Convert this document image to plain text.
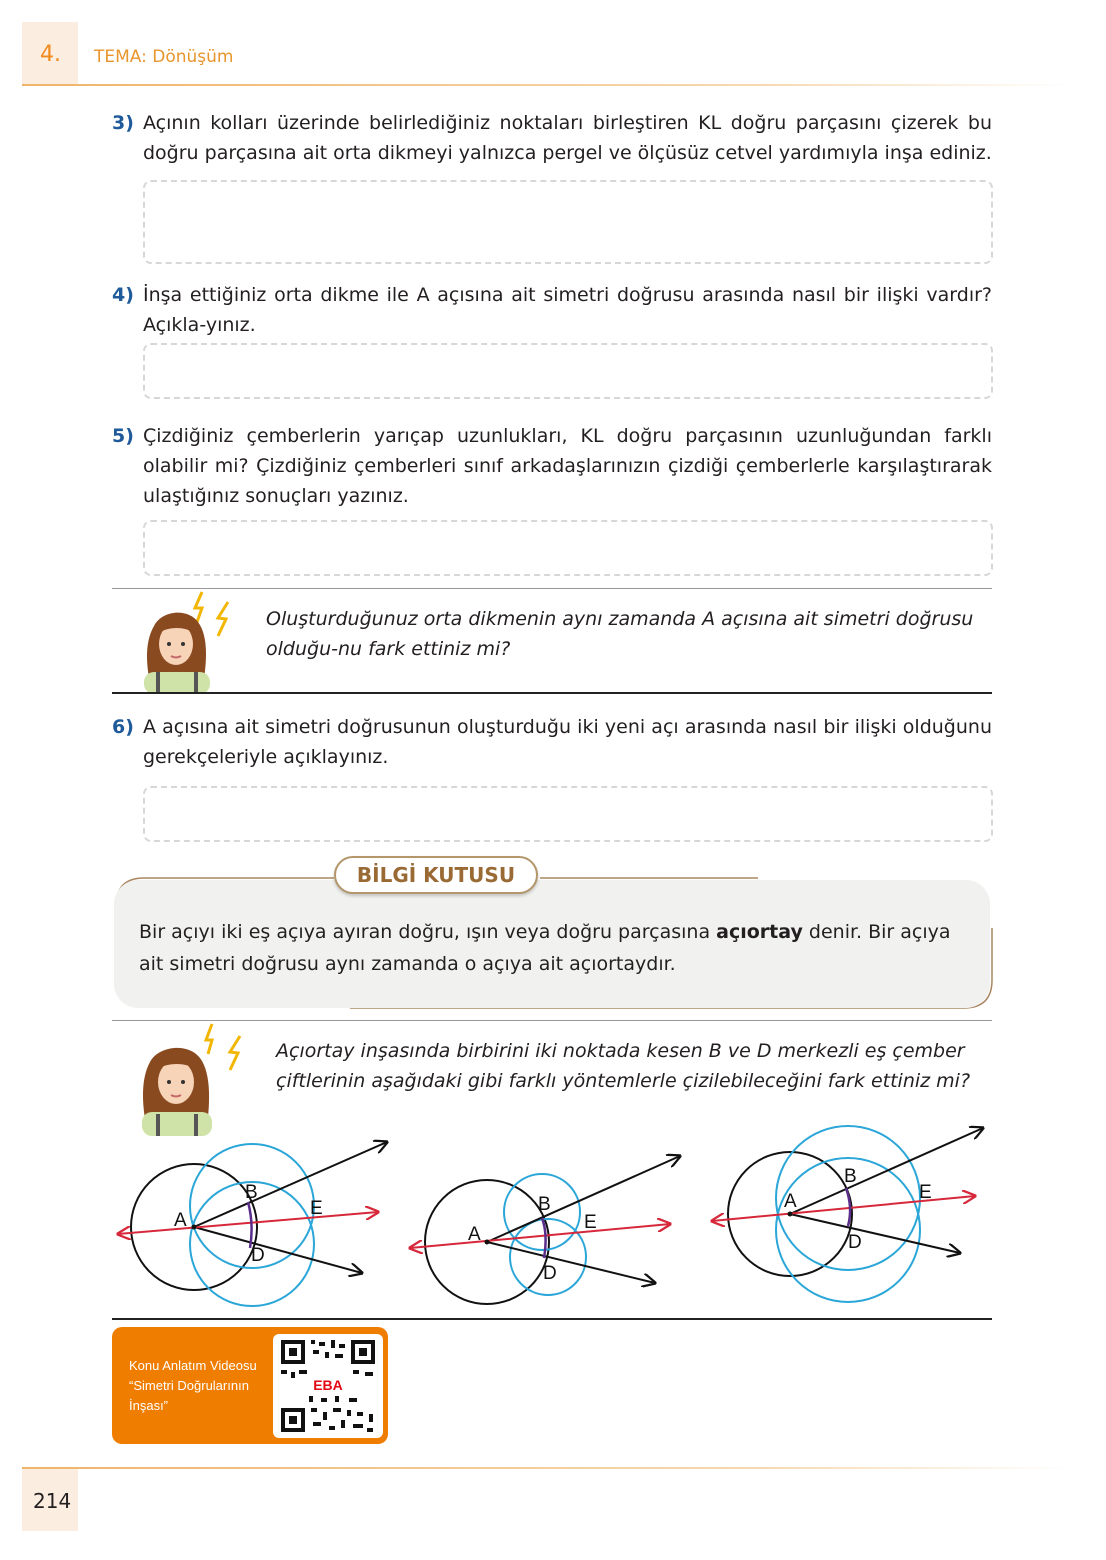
4. TEMA: Dönüşüm
3) Açının kolları üzerinde belirlediğiniz noktaları birleştiren KL doğru parçasını çizerek bu doğru parçasına ait orta dikmeyi yalnızca pergel ve ölçüsüz cetvel yardımıyla inşa ediniz.
4) İnşa ettiğiniz orta dikme ile A açısına ait simetri doğrusu arasında nasıl bir ilişki vardır? Açıkla-yınız.
5) Çizdiğiniz çemberlerin yarıçap uzunlukları, KL doğru parçasının uzunluğundan farklı olabilir mi? Çizdiğiniz çemberleri sınıf arkadaşlarınızın çizdiği çemberlerle karşılaştırarak ulaştığınız sonuçları yazınız.
Oluşturduğunuz orta dikmenin aynı zamanda A açısına ait simetri doğrusu olduğu-nu fark ettiniz mi?
6) A açısına ait simetri doğrusunun oluşturduğu iki yeni açı arasında nasıl bir ilişki olduğunu gerekçeleriyle açıklayınız.
BİLGİ KUTUSU
Bir açıyı iki eş açıya ayıran doğru, ışın veya doğru parçasına açıortay denir. Bir açıya ait simetri doğrusu aynı zamanda o açıya ait açıortaydır.
Açıortay inşasında birbirini iki noktada kesen B ve D merkezli eş çember çiftlerinin aşağıdaki gibi farklı yöntemlerle çizilebileceğini fark ettiniz mi?
A
B
D
E
A
B
D
E
A
B
D
E
Konu Anlatım Videosu
“Simetri Doğrularının
İnşası”
EBA
214
